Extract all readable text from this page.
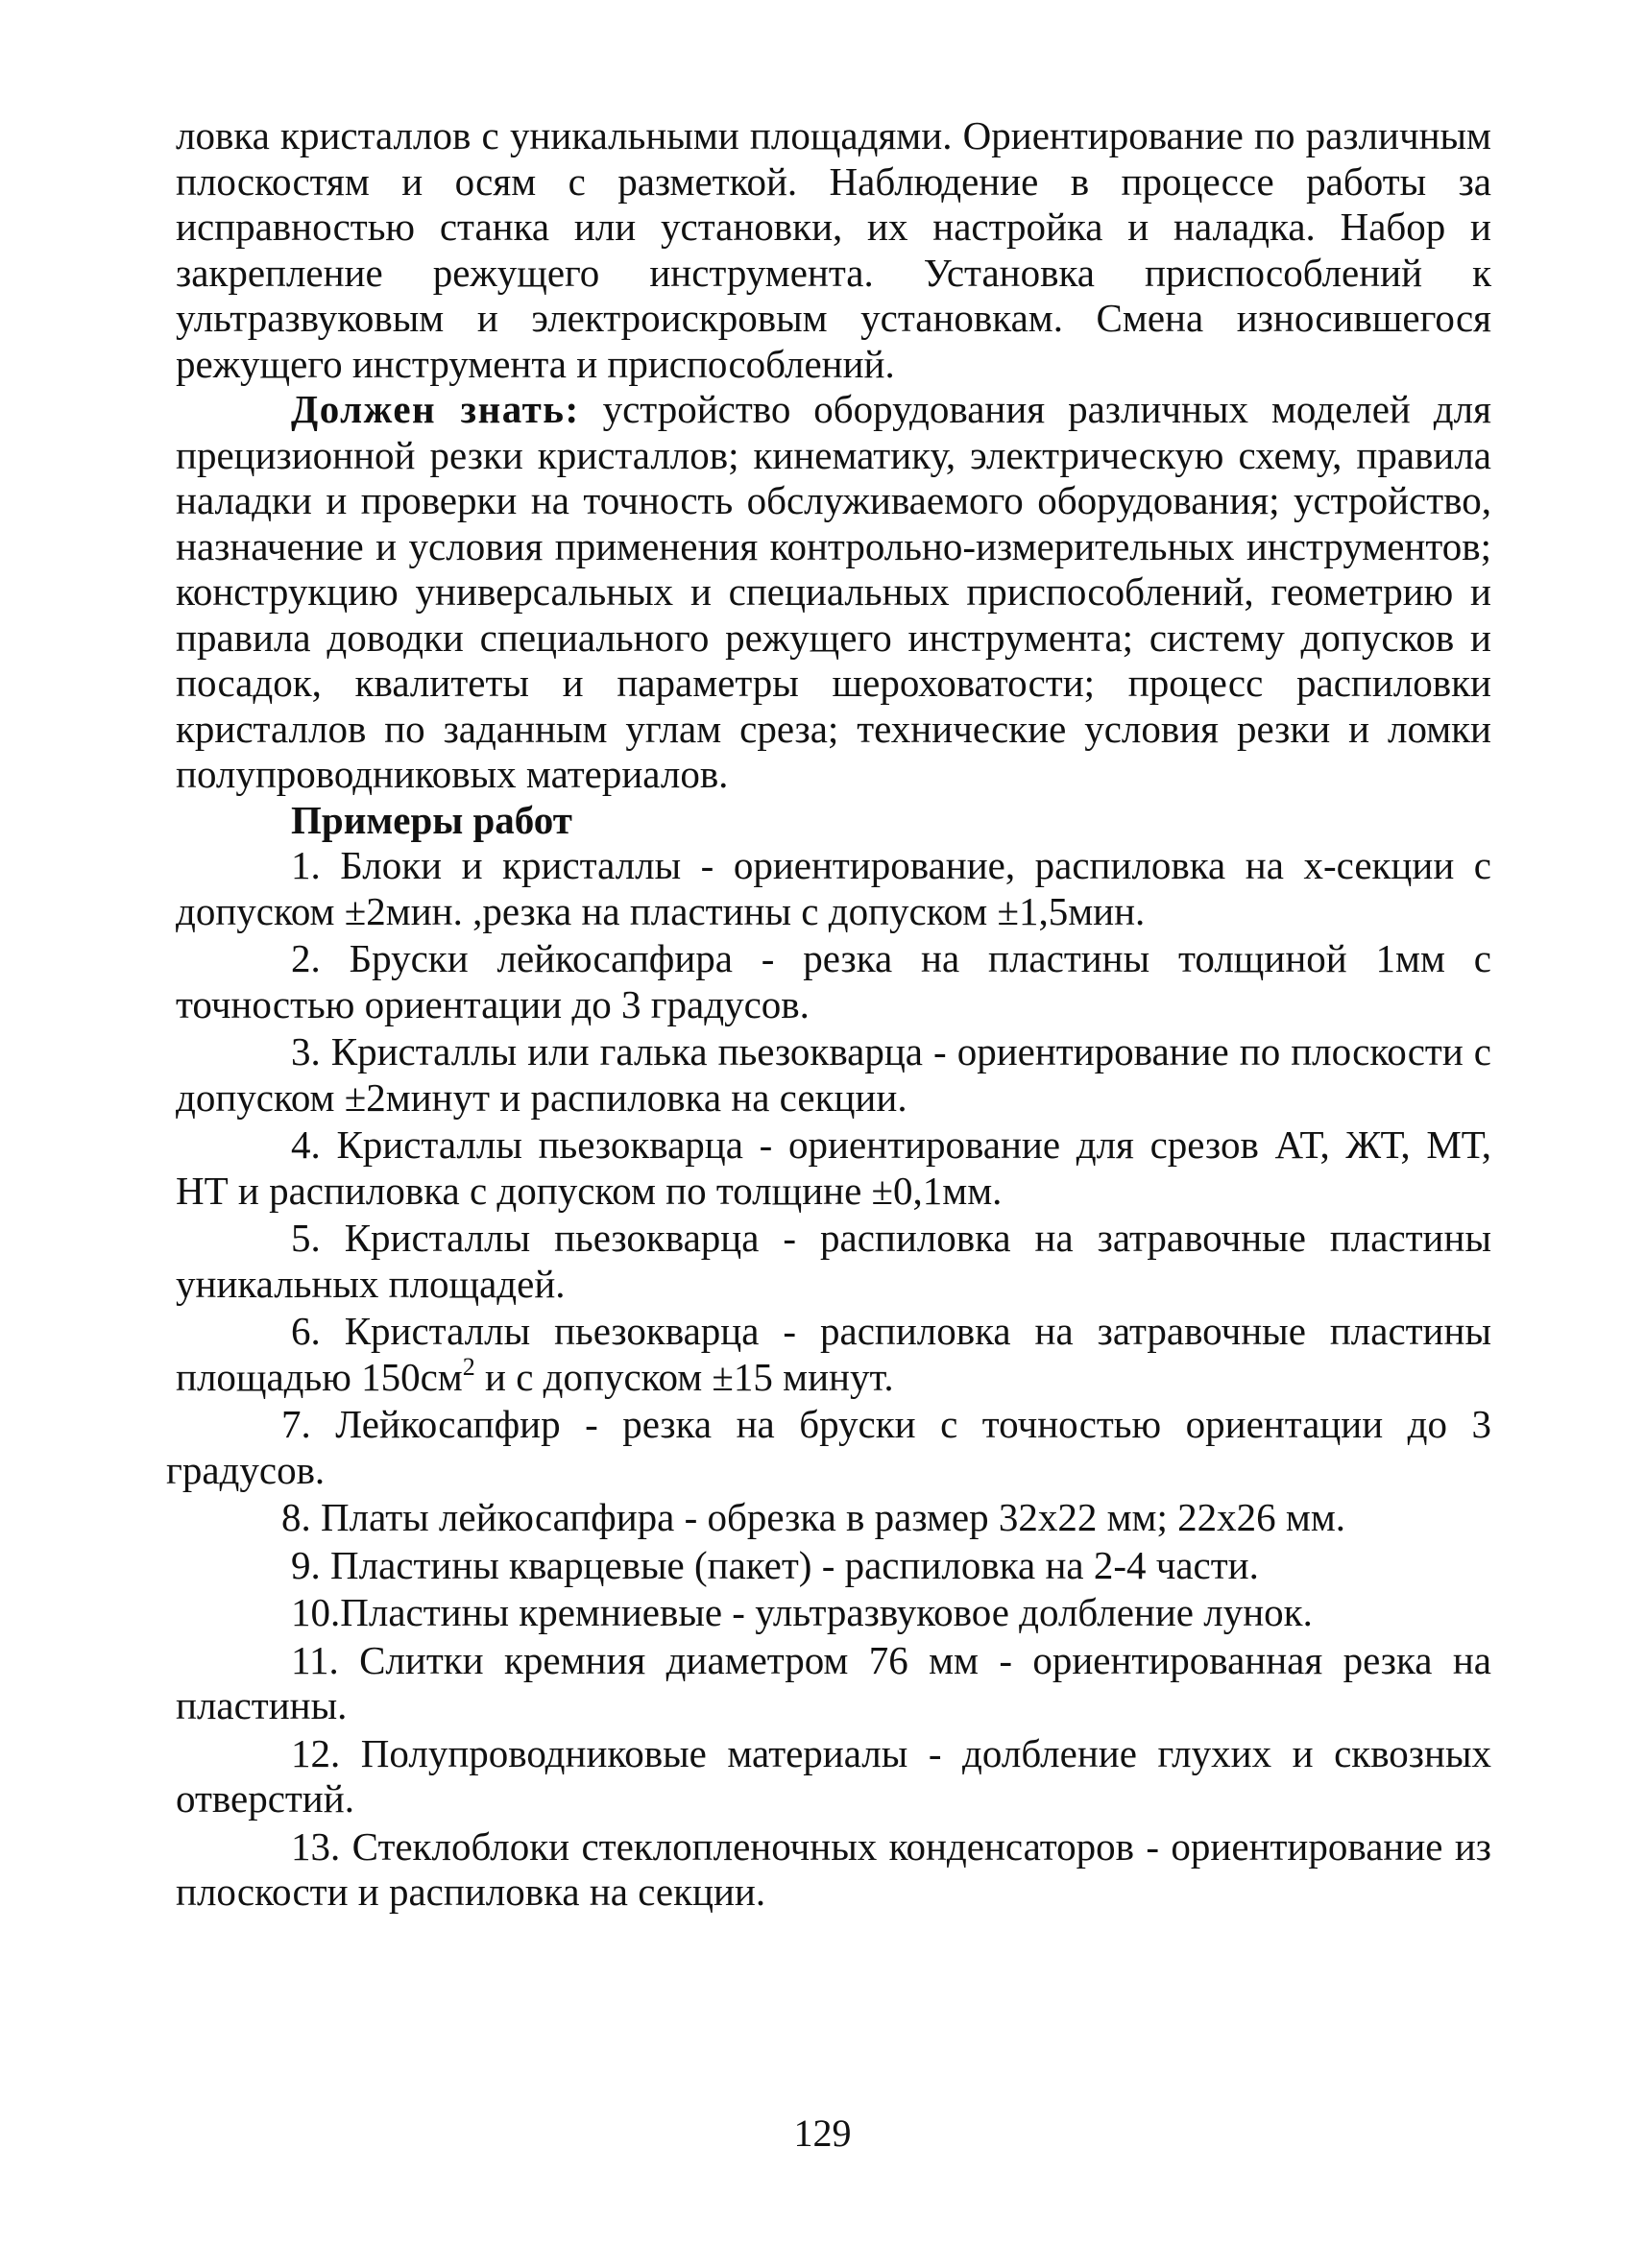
ловка кристаллов с уникальными площадями. Ориентирование по различным плоскостям и осям с разметкой. Наблюдение в процессе работы за исправностью станка или установки, их настройка и наладка. Набор и закрепление режущего инструмента. Установка приспособлений к ультразвуковым и электроискровым установкам. Смена износившегося режущего инструмента и приспособлений.

Должен знать: устройство оборудования различных моделей для прецизионной резки кристаллов; кинематику, электрическую схему, правила наладки и проверки на точность обслуживаемого оборудования; устройство, назначение и условия применения контрольно-измерительных инструментов; конструкцию универсальных и специальных приспособлений, геометрию и правила доводки специального режущего инструмента; систему допусков и посадок, квалитеты и параметры шероховатости; процесс распиловки кристаллов по заданным углам среза; технические условия резки и ломки полупроводниковых материалов.

Примеры работ

1. Блоки и кристаллы - ориентирование, распиловка на х-секции с допуском ±2мин. ,резка на пластины с допуском ±1,5мин.
2. Бруски лейкосапфира - резка на пластины толщиной 1мм с точностью ориентации до 3 градусов.
3. Кристаллы или галька пьезокварца - ориентирование по плоскости с допуском ±2минут и распиловка на секции.
4. Кристаллы пьезокварца - ориентирование для срезов АТ, ЖТ, МТ, НТ и распиловка с допуском по толщине ±0,1мм.
5. Кристаллы пьезокварца - распиловка на затравочные пластины уникальных площадей.
6. Кристаллы пьезокварца - распиловка на затравочные пластины площадью $150см^2$ и с допуском ±15 минут.
7. Лейкосапфир - резка на бруски с точностью ориентации до 3 градусов.
8. Платы лейкосапфира - обрезка в размер 32х22 мм; 22х26 мм.
9. Пластины кварцевые (пакет) - распиловка на 2-4 части.
10.Пластины кремниевые - ультразвуковое долбление лунок.
11. Слитки кремния диаметром 76 мм - ориентированная резка на пластины.
12. Полупроводниковые материалы - долбление глухих и сквозных отверстий.
13. Стеклоблоки стеклопленочных конденсаторов - ориентирование из плоскости и распиловка на секции.
129
